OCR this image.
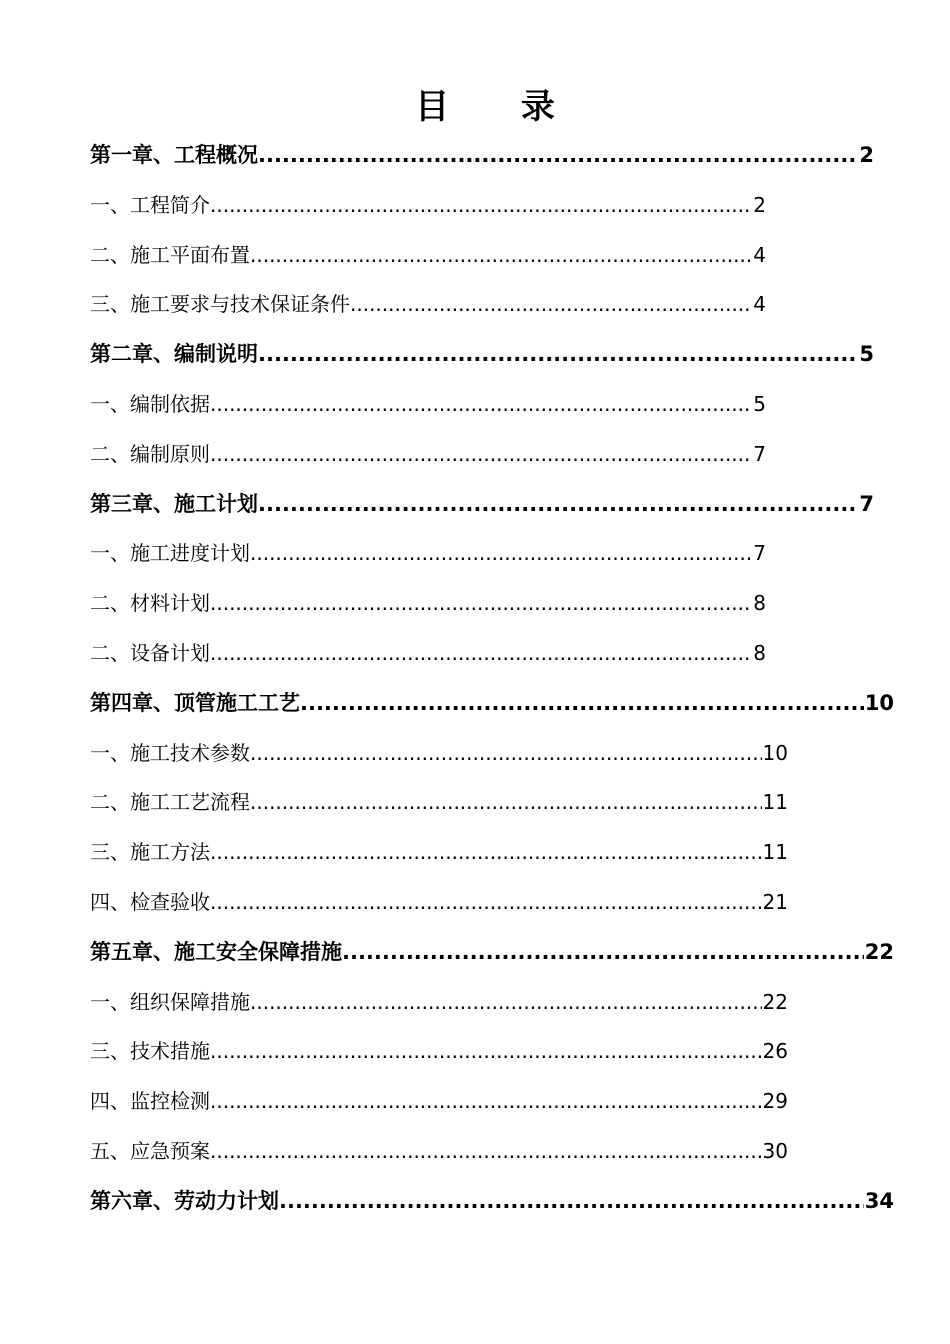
目 录
第一章、工程概况 .....	2
一、工程简介 .....	2
二、施工平面布置 .....	4
三、施工要求与技术保证条件 .....	4
第二章、编制说明 .....	5
一、编制依据 .....	5
二、编制原则 .....	7
第三章、施工计划 .....	7
一、施工进度计划 .....	7
二、材料计划 .....	8
二、设备计划 .....	8
第四章、顶管施工工艺 .....	10
一、施工技术参数 .....	10
二、施工工艺流程 .....	11
三、施工方法 .....	11
四、检查验收 .....	21
第五章、施工安全保障措施 .....	22
一、组织保障措施 .....	22
三、技术措施 .....	26
四、监控检测 .....	29
五、应急预案 .....	30
第六章、劳动力计划 .....	34
